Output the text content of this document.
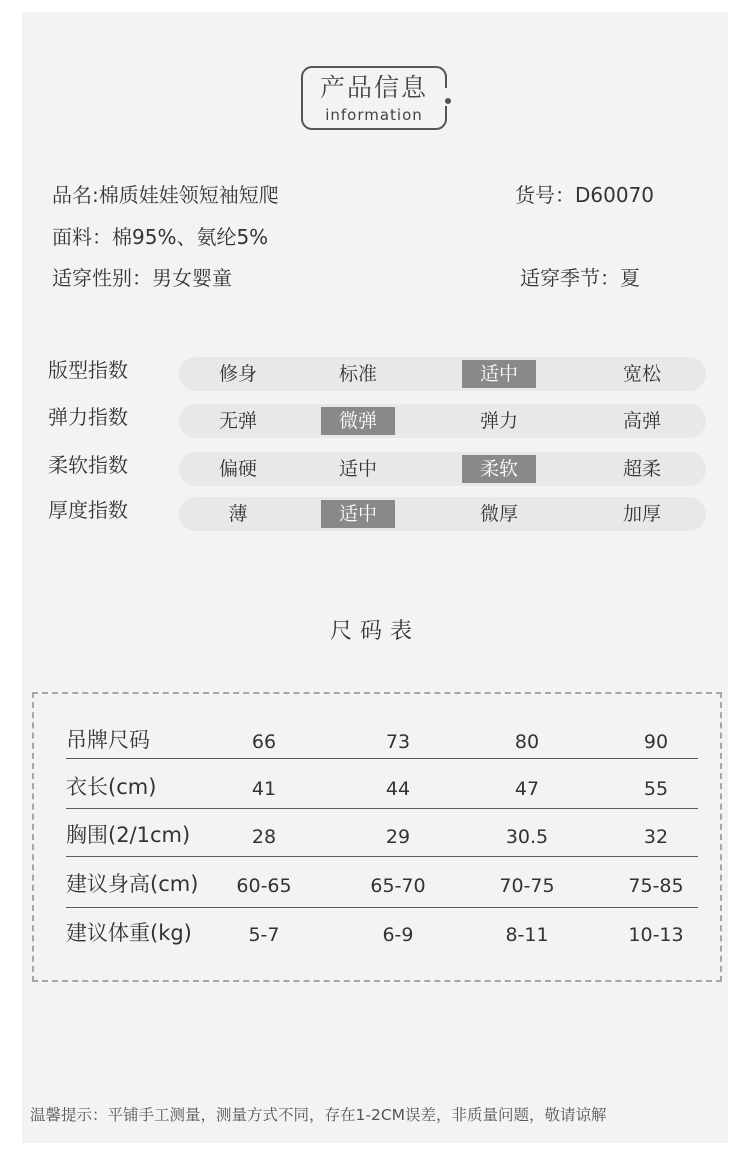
产品信息
information
品名:棉质娃娃领短袖短爬	货号：D60070
面料：棉95%、氨纶5%
适穿性别：男女婴童	适穿季节：夏
版型指数	修身	标准	适中	宽松
弹力指数	无弹	微弹	弹力	高弹
柔软指数	偏硬	适中	柔软	超柔
厚度指数	薄	适中	微厚	加厚
尺码表
吊牌尺码	66	73	80	90
衣长(cm)	41	44	47	55
胸围(2/1cm)	28	29	30.5	32
建议身高(cm)	60-65	65-70	70-75	75-85
建议体重(kg)	5-7	6-9	8-11	10-13
温馨提示：平铺手工测量，测量方式不同，存在1-2CM误差，非质量问题，敬请谅解
